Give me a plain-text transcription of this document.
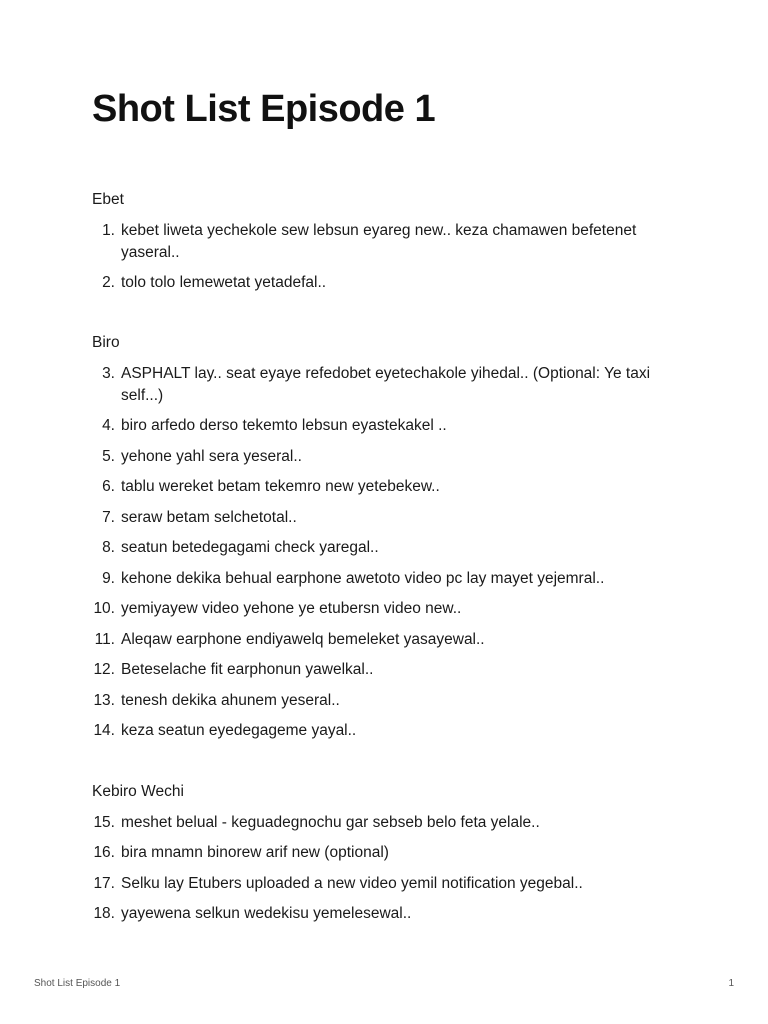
Shot List Episode 1

Ebet

1. kebet liweta yechekole sew lebsun eyareg new.. keza chamawen befetenet yaseral..
2. tolo tolo lemewetat yetadefal..

Biro

3. ASPHALT lay.. seat eyaye refedobet eyetechakole yihedal.. (Optional: Ye taxi self...)
4. biro arfedo derso tekemto lebsun eyastekakel ..
5. yehone yahl sera yeseral..
6. tablu wereket betam tekemro new yetebekew..
7. seraw betam selchetotal..
8. seatun betedegagami check yaregal..
9. kehone dekika behual earphone awetoto video pc lay mayet yejemral..
10. yemiyayew video yehone ye etubersn video new..
11. Aleqaw earphone endiyawelq bemeleket yasayewal..
12. Beteselache fit earphonun yawelkal..
13. tenesh dekika ahunem yeseral..
14. keza seatun eyedegageme yayal..

Kebiro Wechi

15. meshet belual - keguadegnochu gar sebseb belo feta yelale..
16. bira mnamn binorew arif new (optional)
17. Selku lay Etubers uploaded a new video yemil notification yegebal..
18. yayewena selkun wedekisu yemelesewal..
Shot List Episode 1	1
